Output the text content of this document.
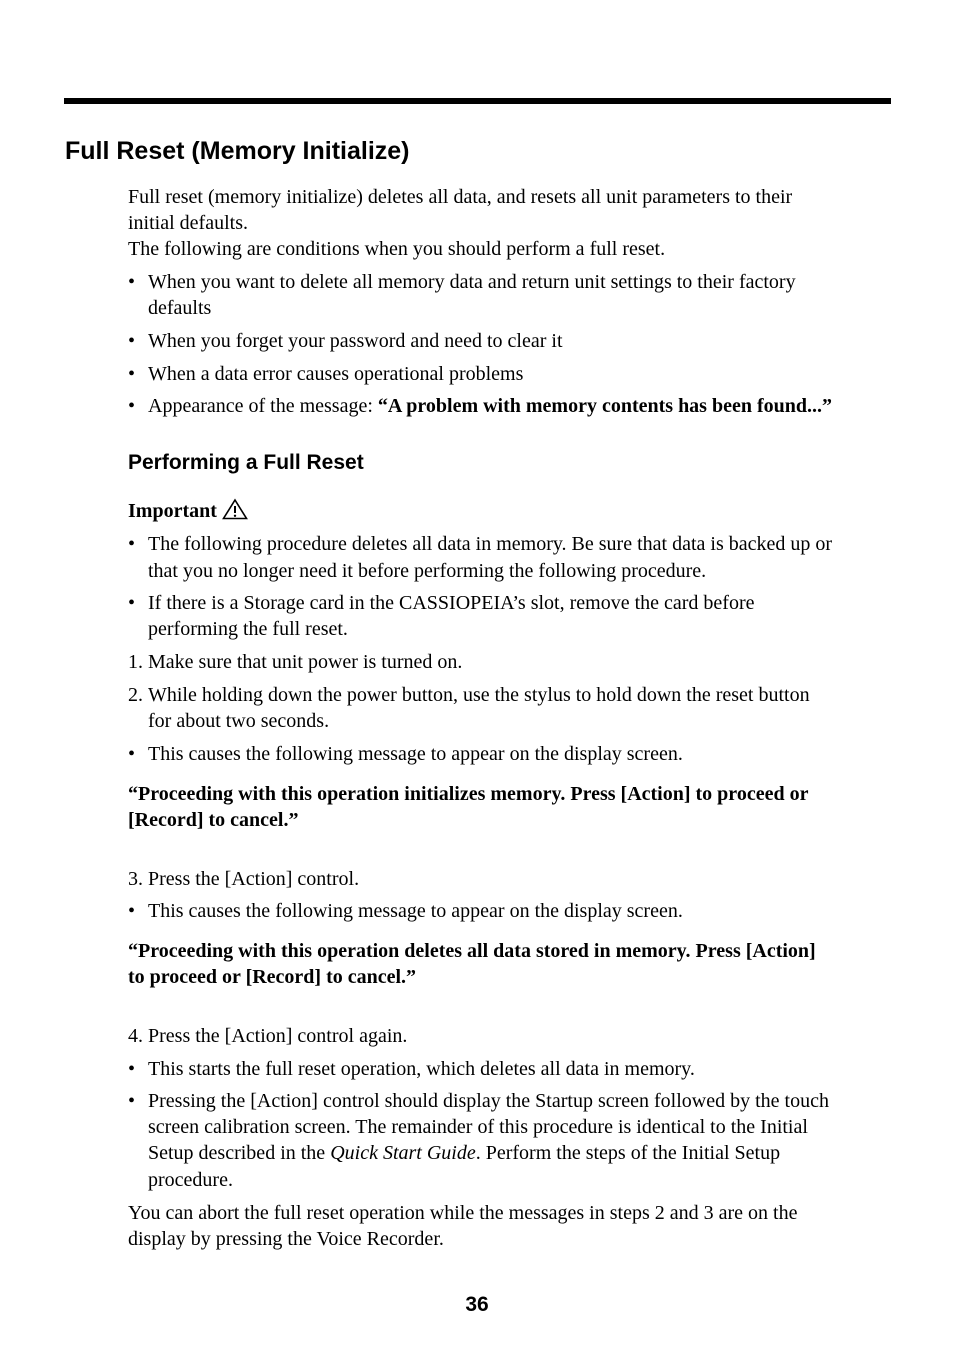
Full Reset (Memory Initialize)

Full reset (memory initialize) deletes all data, and resets all unit parameters to their

initial defaults.

The following are conditions when you should perform a full reset.

• When you want to delete all memory data and return unit settings to their factory

defaults

• When you forget your password and need to clear it

• When a data error causes operational problems

• Appearance of the message: “A problem with memory contents has been found...”

Performing a Full Reset

Important

• The following procedure deletes all data in memory. Be sure that data is backed up or

that you no longer need it before performing the following procedure.

• If there is a Storage card in the CASSIOPEIA’s slot, remove the card before

performing the full reset.

1. Make sure that unit power is turned on.

2. While holding down the power button, use the stylus to hold down the reset button

for about two seconds.

• This causes the following message to appear on the display screen.

“Proceeding with this operation initializes memory. Press [Action] to proceed or

[Record] to cancel.”

3. Press the [Action] control.

• This causes the following message to appear on the display screen.

“Proceeding with this operation deletes all data stored in memory. Press [Action]

to proceed or [Record] to cancel.”

4. Press the [Action] control again.

• This starts the full reset operation, which deletes all data in memory.

• Pressing the [Action] control should display the Startup screen followed by the touch

screen calibration screen. The remainder of this procedure is identical to the Initial

Setup described in the Quick Start Guide. Perform the steps of the Initial Setup

procedure.

You can abort the full reset operation while the messages in steps 2 and 3 are on the

display by pressing the Voice Recorder.

36
